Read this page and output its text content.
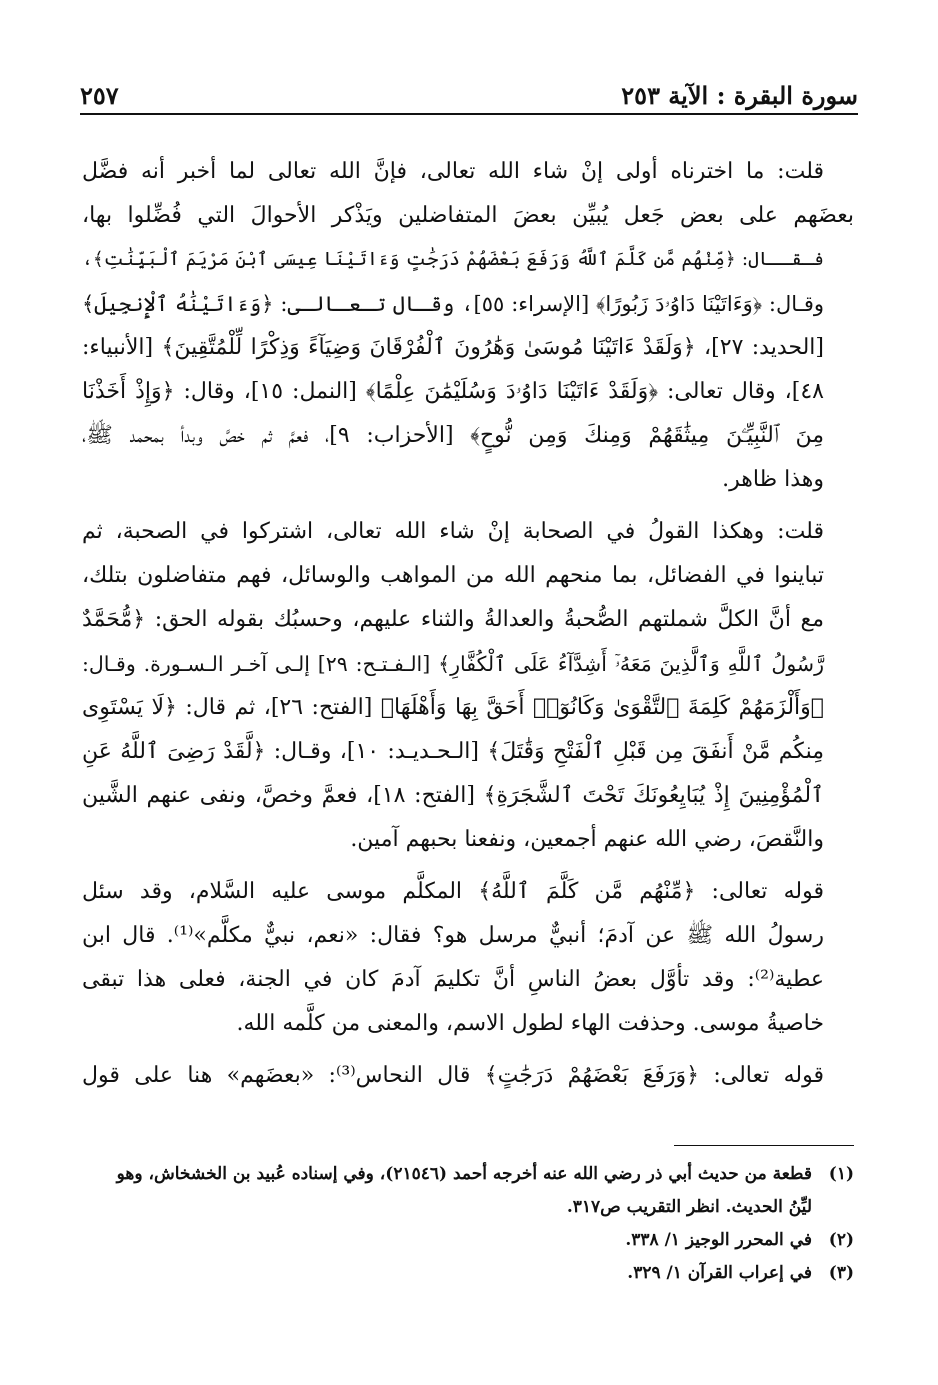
سورة البقرة : الآية ٢٥٣
٢٥٧
قلت: ما اخترناه أولى إنْ شاء الله تعالى، فإنَّ الله تعالى لما أخبر أنه فضَّل
بعضَهم على بعض جَعل يُبيِّن بعضَ المتفاضلين ويَذْكر الأحوالَ التي فُضِّلوا بها،
فـقــال: ﴿مِّنْهُم مَّن كَلَّمَ ٱللَّهُ وَرَفَعَ بَعْضَهُمْ دَرَجَٰتٍ وَءَاتَيْنَا عِيسَى ٱبْنَ مَرْيَمَ ٱلْبَيِّنَٰتِ﴾،
وقـال: ﴿وَءَاتَيْنَا دَاوُۥدَ زَبُورًا﴾ [الإسراء: ٥٥]، وقـال تـعـالـى: ﴿وَءَاتَيْنَٰهُ ٱلْإِنجِيلَ﴾
[الحديد: ٢٧]، ﴿وَلَقَدْ ءَاتَيْنَا مُوسَىٰ وَهَٰرُونَ ٱلْفُرْقَانَ وَضِيَآءً وَذِكْرًا لِّلْمُتَّقِينَ﴾ [الأنبياء:
٤٨]، وقال تعالى: ﴿وَلَقَدْ ءَاتَيْنَا دَاوُۥدَ وَسُلَيْمَٰنَ عِلْمًا﴾ [النمل: ١٥]، وقال: ﴿وَإِذْ أَخَذْنَا
مِنَ ٱلنَّبِيِّـۧنَ مِيثَٰقَهُمْ وَمِنكَ وَمِن نُّوحٍ﴾ [الأحزاب: ٩]، فعمَّ ثم خصَّ وبدأ بمحمد ﷺ،
وهذا ظاهر.
قلت: وهكذا القولُ في الصحابة إنْ شاء الله تعالى، اشتركوا في الصحبة، ثم
تباينوا في الفضائل، بما منحهم الله من المواهب والوسائل، فهم متفاضلون بتلك،
مع أنَّ الكلَّ شملتهم الصُّحبةُ والعدالةُ والثناء عليهم، وحسبُك بقوله الحق: ﴿مُّحَمَّدٌ
رَّسُولُ ٱللَّهِ وَٱلَّذِينَ مَعَهُۥٓ أَشِدَّآءُ عَلَى ٱلْكُفَّارِ﴾ [الـفـتـح: ٢٩] إلـى آخـر الـسـورة. وقـال:
﴿وَأَلْزَمَهُمْ كَلِمَةَ ٱلتَّقْوَىٰ وَكَانُوٓا۟ أَحَقَّ بِهَا وَأَهْلَهَا﴾ [الفتح: ٢٦]، ثم قال: ﴿لَا يَسْتَوِى
مِنكُم مَّنْ أَنفَقَ مِن قَبْلِ ٱلْفَتْحِ وَقَٰتَلَ﴾ [الـحـديـد: ١٠]، وقـال: ﴿لَّقَدْ رَضِىَ ٱللَّهُ عَنِ
ٱلْمُؤْمِنِينَ إِذْ يُبَايِعُونَكَ تَحْتَ ٱلشَّجَرَةِ﴾ [الفتح: ١٨]، فعمَّ وخصَّ، ونفى عنهم الشَّين
والنَّقصَ، رضي الله عنهم أجمعين، ونفعنا بحبهم آمين.
قوله تعالى: ﴿مِّنْهُم مَّن كَلَّمَ ٱللَّهُ﴾ المكلَّم موسى عليه السَّلام، وقد سئل
رسولُ الله ﷺ عن آدمَ؛ أنبيٌّ مرسل هو؟ فقال: «نعم، نبيٌّ مكلَّم»⁽¹⁾. قال ابن
عطية⁽²⁾: وقد تأوَّل بعضُ الناسِ أنَّ تكليمَ آدمَ كان في الجنة، فعلى هذا تبقى
خاصيةُ موسى. وحذفت الهاء لطول الاسم، والمعنى من كلَّمه الله.
قوله تعالى: ﴿وَرَفَعَ بَعْضَهُمْ دَرَجَٰتٍ﴾ قال النحاس⁽³⁾: «بعضَهم» هنا على قول
(١)
قطعة من حديث أبي ذر رضي الله عنه أخرجه أحمد (٢١٥٤٦)، وفي إسناده عُبيد بن الخشخاش، وهو
ليِّنُ الحديث. انظر التقريب ص٣١٧.
(٢)
في المحرر الوجيز ١/ ٣٣٨.
(٣)
في إعراب القرآن ١/ ٣٢٩.
